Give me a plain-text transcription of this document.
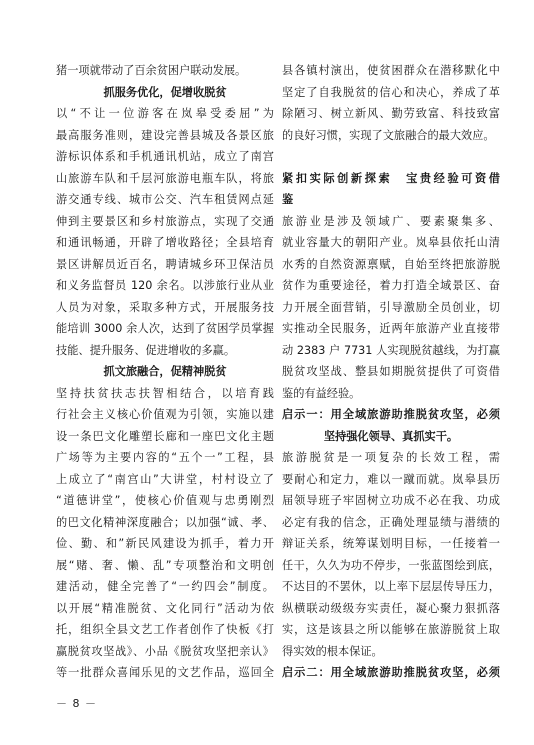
猪一项就带动了百余贫困户联动发展。
抓服务优化，促增收脱贫
以“不让一位游客在岚皋受委屈”为
最高服务准则，建设完善县城及各景区旅
游标识体系和手机通讯机站，成立了南宫
山旅游车队和千层河旅游电瓶车队，将旅
游交通专线、城市公交、汽车租赁网点延
伸到主要景区和乡村旅游点，实现了交通
和通讯畅通，开辟了增收路径；全县培育
景区讲解员近百名，聘请城乡环卫保洁员
和义务监督员 120 余名。以涉旅行业从业
人员为对象，采取多种方式，开展服务技
能培训 3000 余人次，达到了贫困学员掌握
技能、提升服务、促进增收的多赢。
抓文旅融合，促精神脱贫
坚持扶贫扶志扶智相结合，以培育践
行社会主义核心价值观为引领，实施以建
设一条巴文化雕塑长廊和一座巴文化主题
广场等为主要内容的“五个一”工程，县
上成立了“南宫山”大讲堂，村村设立了
“道德讲堂”，使核心价值观与忠勇刚烈
的巴文化精神深度融合；以加强“诚、孝、
俭、勤、和”新民风建设为抓手，着力开
展“赌、奢、懒、乱”专项整治和文明创
建活动，健全完善了“一约四会”制度。
以开展“精准脱贫、文化同行”活动为依
托，组织全县文艺工作者创作了快板《打
赢脱贫攻坚战》、小品《脱贫攻坚把亲认》
等一批群众喜闻乐见的文艺作品，巡回全
县各镇村演出，使贫困群众在潜移默化中
坚定了自我脱贫的信心和决心，养成了革
除陋习、树立新风、勤劳致富、科技致富
的良好习惯，实现了文旅融合的最大效应。
紧扣实际创新探索　宝贵经验可资借
鉴
旅游业是涉及领域广、要素聚集多、
就业容量大的朝阳产业。岚皋县依托山清
水秀的自然资源禀赋，自始至终把旅游脱
贫作为重要途径，着力打造全域景区、奋
力开展全面营销，引导激励全员创业，切
实推动全民服务，近两年旅游产业直接带
动 2383 户 7731 人实现脱贫越线，为打赢
脱贫攻坚战、整县如期脱贫提供了可资借
鉴的有益经验。
启示一：用全域旅游助推脱贫攻坚，必须
坚持强化领导、真抓实干。
旅游脱贫是一项复杂的长效工程，需
要耐心和定力，难以一蹴而就。岚皋县历
届领导班子牢固树立功成不必在我、功成
必定有我的信念，正确处理显绩与潜绩的
辩证关系，统筹谋划明目标，一任接着一
任干，久久为功不停步，一张蓝图绘到底，
不达目的不罢休，以上率下层层传导压力，
纵横联动级级夯实责任，凝心聚力狠抓落
实，这是该县之所以能够在旅游脱贫上取
得实效的根本保证。
启示二：用全域旅游助推脱贫攻坚，必须
－ 8 －
